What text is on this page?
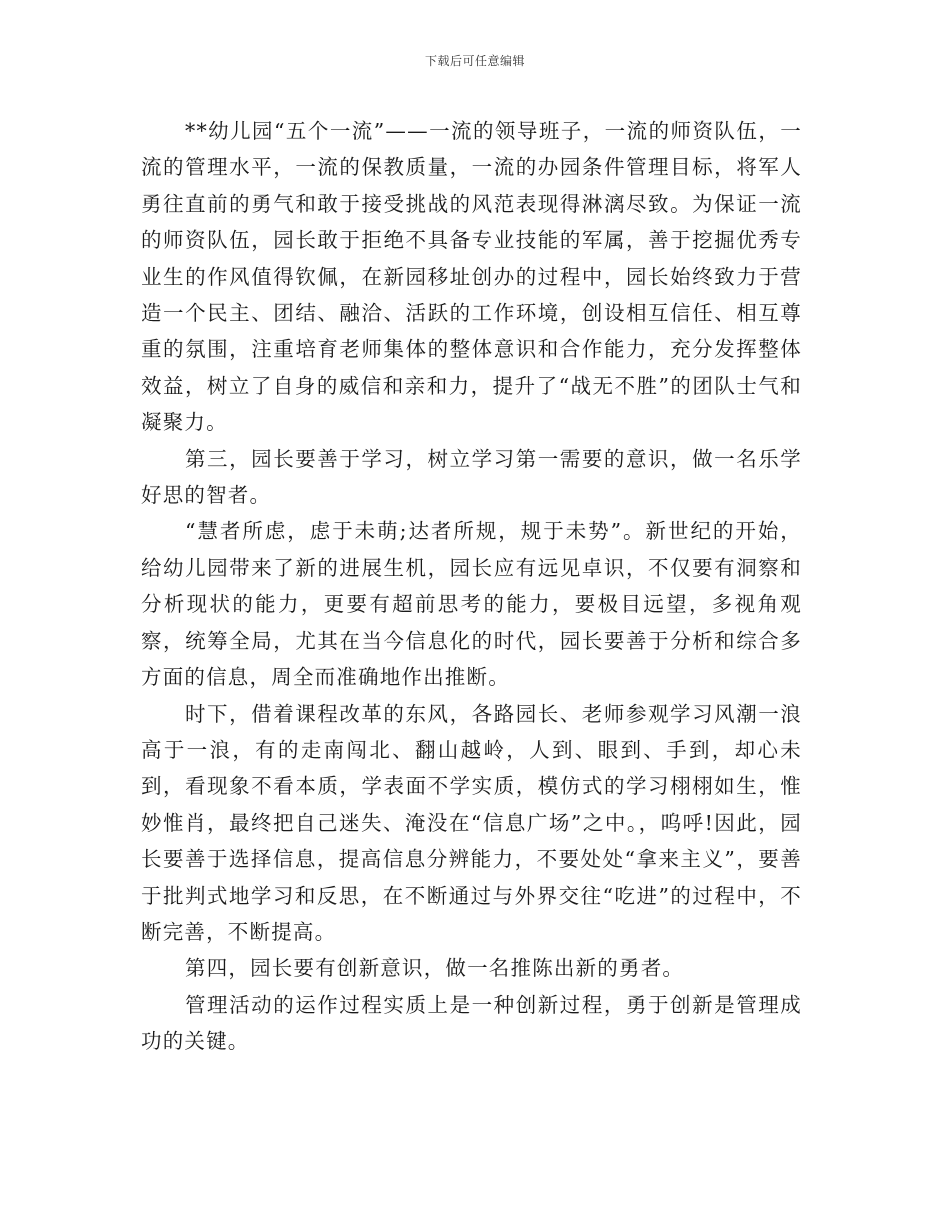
下载后可任意编辑

**幼儿园“五个一流”——一流的领导班子，一流的师资队伍，一流的管理水平，一流的保教质量，一流的办园条件管理目标，将军人勇往直前的勇气和敢于接受挑战的风范表现得淋漓尽致。为保证一流的师资队伍，园长敢于拒绝不具备专业技能的军属，善于挖掘优秀专业生的作风值得钦佩，在新园移址创办的过程中，园长始终致力于营造一个民主、团结、融洽、活跃的工作环境，创设相互信任、相互尊重的氛围，注重培育老师集体的整体意识和合作能力，充分发挥整体效益，树立了自身的威信和亲和力，提升了“战无不胜”的团队士气和凝聚力。

第三，园长要善于学习，树立学习第一需要的意识，做一名乐学好思的智者。

“慧者所虑，虑于未萌;达者所规，规于未势”。新世纪的开始，给幼儿园带来了新的进展生机，园长应有远见卓识，不仅要有洞察和分析现状的能力，更要有超前思考的能力，要极目远望，多视角观察，统筹全局，尤其在当今信息化的时代，园长要善于分析和综合多方面的信息，周全而准确地作出推断。

时下，借着课程改革的东风，各路园长、老师参观学习风潮一浪高于一浪，有的走南闯北、翻山越岭，人到、眼到、手到，却心未到，看现象不看本质，学表面不学实质，模仿式的学习栩栩如生，惟妙惟肖，最终把自己迷失、淹没在“信息广场”之中。，呜呼!因此，园长要善于选择信息，提高信息分辨能力，不要处处“拿来主义”，要善于批判式地学习和反思，在不断通过与外界交往“吃进”的过程中，不断完善，不断提高。

第四，园长要有创新意识，做一名推陈出新的勇者。

管理活动的运作过程实质上是一种创新过程，勇于创新是管理成功的关键。
